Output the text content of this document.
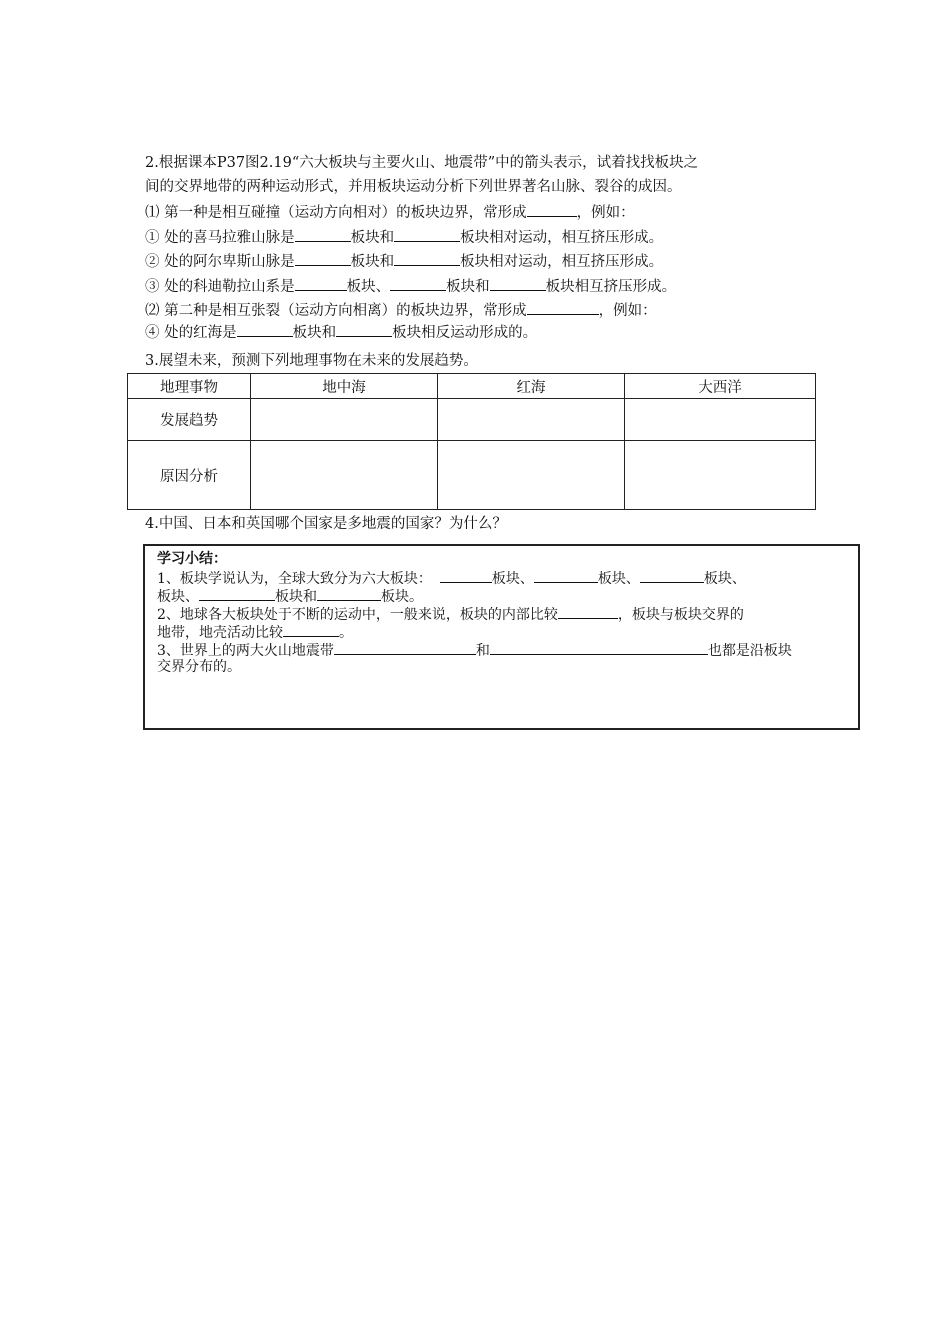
2.根据课本P37图2.19“六大板块与主要火山、地震带”中的箭头表示，试着找找板块之
间的交界地带的两种运动形式，并用板块运动分析下列世界著名山脉、裂谷的成因。
⑴ 第一种是相互碰撞（运动方向相对）的板块边界，常形成	，例如：
① 处的喜马拉雅山脉是	板块和	板块相对运动，相互挤压形成。
② 处的阿尔卑斯山脉是	板块和	板块相对运动，相互挤压形成。
③ 处的科迪勒拉山系是	板块、	板块和	板块相互挤压形成。
⑵ 第二种是相互张裂（运动方向相离）的板块边界，常形成	，例如：
④ 处的红海是	板块和	板块相反运动形成的。
3.展望未来，预测下列地理事物在未来的发展趋势。
地理事物	地中海	红海	大西洋
发展趋势			
原因分析			
4.中国、日本和英国哪个国家是多地震的国家？为什么？
学习小结：
1、板块学说认为，全球大致分为六大板块：	板块、	板块、	板块、
板块、	板块和	板块。
2、地球各大板块处于不断的运动中，一般来说，板块的内部比较	，板块与板块交界的
地带，地壳活动比较	。
3、世界上的两大火山地震带	和	也都是沿板块
交界分布的。
